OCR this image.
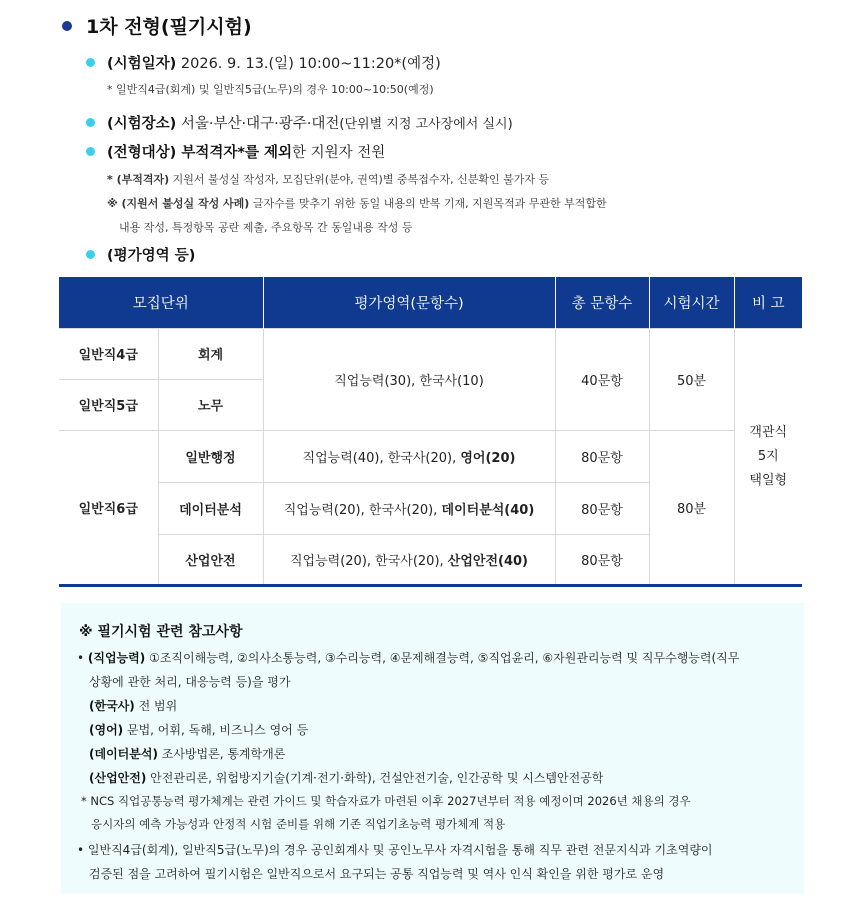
1차 전형(필기시험)
(시험일자) 2026. 9. 13.(일) 10:00~11:20*(예정)
* 일반직4급(회계) 및 일반직5급(노무)의 경우 10:00~10:50(예정)
(시험장소) 서울·부산·대구·광주·대전 (단위별 지정 고사장에서 실시)
(전형대상) 부적격자*를 제외 한 지원자 전원
* (부적격자) 지원서 불성실 작성자, 모집단위(분야, 권역)별 중복접수자, 신분확인 불가자 등
※ (지원서 불성실 작성 사례) 글자수를 맞추기 위한 동일 내용의 반복 기재, 지원목적과 무관한 부적합한
내용 작성, 특정항목 공란 제출, 주요항목 간 동일내용 작성 등
(평가영역 등)
모집단위		평가영역(문항수)	총 문항수	시험시간	비 고
일반직4급	회계	직업능력(30), 한국사(10)	40문항	50분	객관식
5지
택일형

일반직5급	노무				
일반직6급	일반행정	직업능력(40), 한국사(20), 영어(20)	80문항	80분	
	데이터분석	직업능력(20), 한국사(20), 데이터분석(40)	80문항		
	산업안전	직업능력(20), 한국사(20), 산업안전(40)	80문항		
※ 필기시험 관련 참고사항
• (직업능력) ①조직이해능력, ②의사소통능력, ③수리능력, ④문제해결능력, ⑤직업윤리, ⑥자원관리능력 및 직무수행능력(직무
상황에 관한 처리, 대응능력 등)을 평가
(한국사) 전 범위
(영어) 문법, 어휘, 독해, 비즈니스 영어 등
(데이터분석) 조사방법론, 통계학개론
(산업안전) 안전관리론, 위험방지기술(기계·전기·화학), 건설안전기술, 인간공학 및 시스템안전공학
* NCS 직업공통능력 평가체계는 관련 가이드 및 학습자료가 마련된 이후 2027년부터 적용 예정이며 2026년 채용의 경우
응시자의 예측 가능성과 안정적 시험 준비를 위해 기존 직업기초능력 평가체계 적용
• 일반직4급(회계), 일반직5급(노무)의 경우 공인회계사 및 공인노무사 자격시험을 통해 직무 관련 전문지식과 기초역량이
검증된 점을 고려하여 필기시험은 일반직으로서 요구되는 공통 직업능력 및 역사 인식 확인을 위한 평가로 운영
